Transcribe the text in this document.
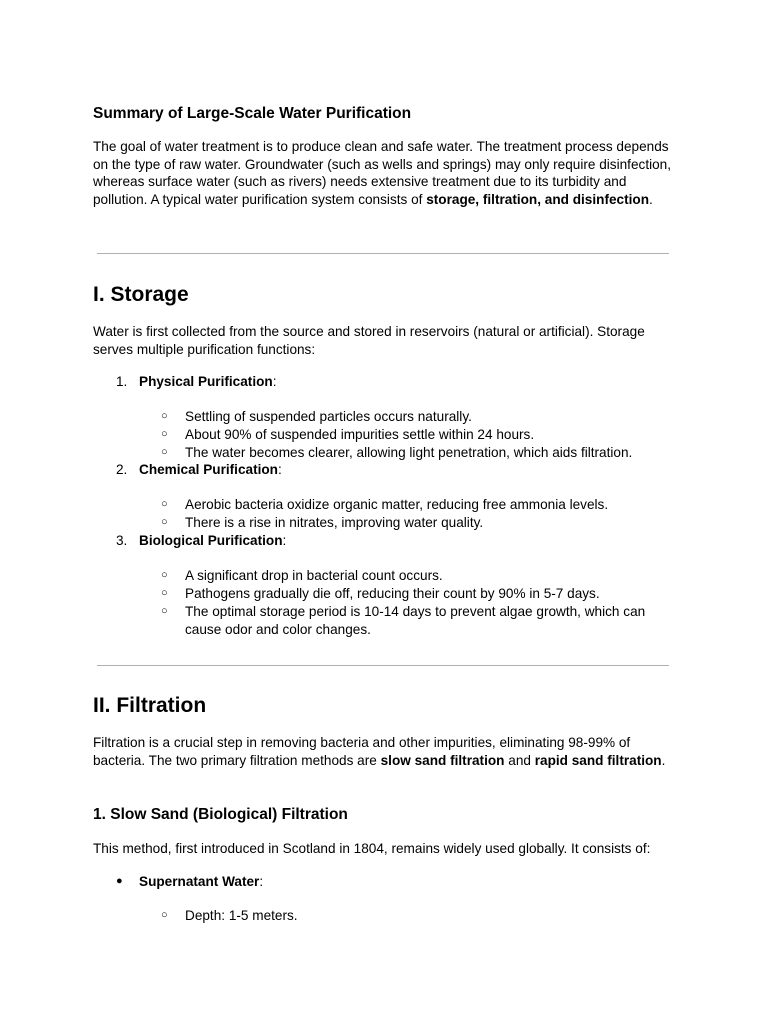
Summary of Large-Scale Water Purification

The goal of water treatment is to produce clean and safe water. The treatment process depends on the type of raw water. Groundwater (such as wells and springs) may only require disinfection, whereas surface water (such as rivers) needs extensive treatment due to its turbidity and pollution. A typical water purification system consists of storage, filtration, and disinfection.

I. Storage

Water is first collected from the source and stored in reservoirs (natural or artificial). Storage serves multiple purification functions:

1. Physical Purification:
○ Settling of suspended particles occurs naturally.
○ About 90% of suspended impurities settle within 24 hours.
○ The water becomes clearer, allowing light penetration, which aids filtration.
2. Chemical Purification:
○ Aerobic bacteria oxidize organic matter, reducing free ammonia levels.
○ There is a rise in nitrates, improving water quality.
3. Biological Purification:
○ A significant drop in bacterial count occurs.
○ Pathogens gradually die off, reducing their count by 90% in 5-7 days.
○ The optimal storage period is 10-14 days to prevent algae growth, which can cause odor and color changes.
II. Filtration

Filtration is a crucial step in removing bacteria and other impurities, eliminating 98-99% of bacteria. The two primary filtration methods are slow sand filtration and rapid sand filtration.

1. Slow Sand (Biological) Filtration

This method, first introduced in Scotland in 1804, remains widely used globally. It consists of:

● Supernatant Water:
○ Depth: 1-5 meters.
